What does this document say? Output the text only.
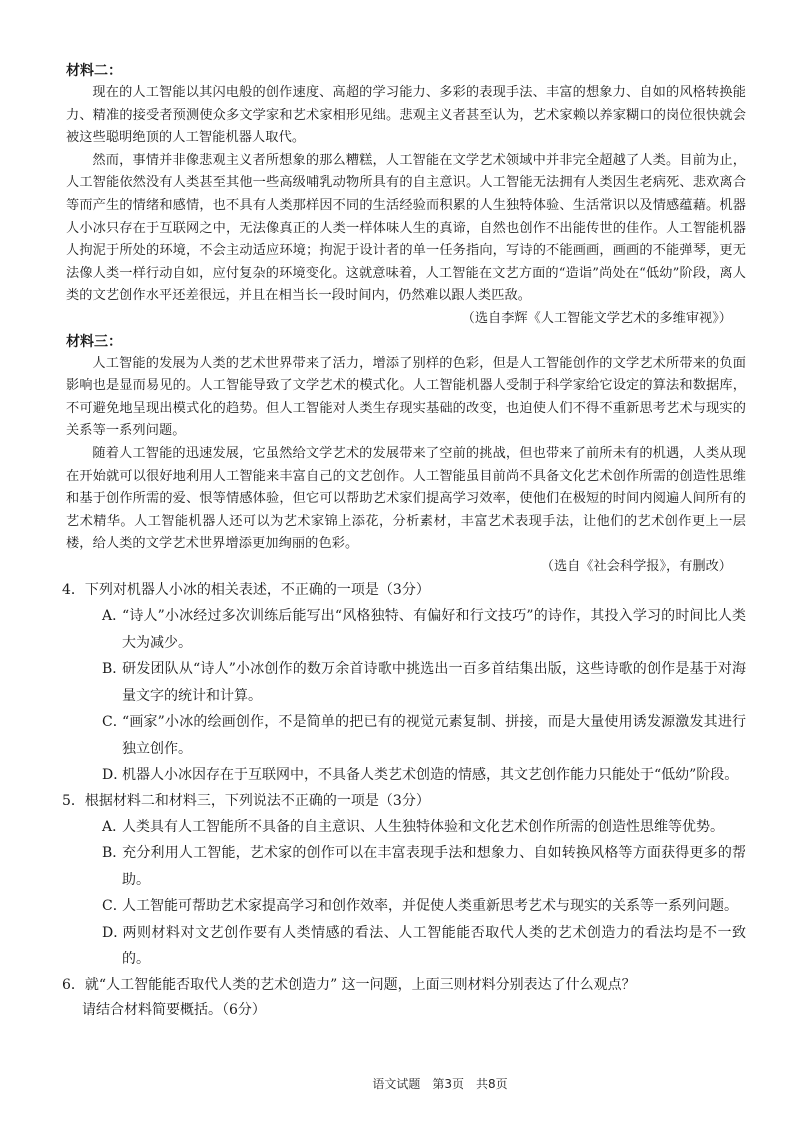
材料二：

现在的人工智能以其闪电般的创作速度、高超的学习能力、多彩的表现手法、丰富的想象力、自如的风格转换能力、精准的接受者预测使众多文学家和艺术家相形见绌。悲观主义者甚至认为，艺术家赖以养家糊口的岗位很快就会被这些聪明绝顶的人工智能机器人取代。

然而，事情并非像悲观主义者所想象的那么糟糕，人工智能在文学艺术领域中并非完全超越了人类。目前为止，人工智能依然没有人类甚至其他一些高级哺乳动物所具有的自主意识。人工智能无法拥有人类因生老病死、悲欢离合等而产生的情绪和感情，也不具有人类那样因不同的生活经验而积累的人生独特体验、生活常识以及情感蕴藉。机器人小冰只存在于互联网之中，无法像真正的人类一样体味人生的真谛，自然也创作不出能传世的佳作。人工智能机器人拘泥于所处的环境，不会主动适应环境；拘泥于设计者的单一任务指向，写诗的不能画画，画画的不能弹琴，更无法像人类一样行动自如，应付复杂的环境变化。这就意味着，人工智能在文艺方面的“造诣”尚处在“低幼”阶段，离人类的文艺创作水平还差很远，并且在相当长一段时间内，仍然难以跟人类匹敌。

（选自李辉《人工智能文学艺术的多维审视》）
材料三：

人工智能的发展为人类的艺术世界带来了活力，增添了别样的色彩，但是人工智能创作的文学艺术所带来的负面影响也是显而易见的。人工智能导致了文学艺术的模式化。人工智能机器人受制于科学家给它设定的算法和数据库，不可避免地呈现出模式化的趋势。但人工智能对人类生存现实基础的改变，也迫使人们不得不重新思考艺术与现实的关系等一系列问题。

随着人工智能的迅速发展，它虽然给文学艺术的发展带来了空前的挑战，但也带来了前所未有的机遇，人类从现在开始就可以很好地利用人工智能来丰富自己的文艺创作。人工智能虽目前尚不具备文化艺术创作所需的创造性思维和基于创作所需的爱、恨等情感体验，但它可以帮助艺术家们提高学习效率，使他们在极短的时间内阅遍人间所有的艺术精华。人工智能机器人还可以为艺术家锦上添花，分析素材，丰富艺术表现手法，让他们的艺术创作更上一层楼，给人类的文学艺术世界增添更加绚丽的色彩。

（选自《社会科学报》，有删改）
4．下列对机器人小冰的相关表述，不正确的一项是（3分）
A．“诗人”小冰经过多次训练后能写出“风格独特、有偏好和行文技巧”的诗作，其投入学习的时间比人类大为减少。
B．研发团队从“诗人”小冰创作的数万余首诗歌中挑选出一百多首结集出版，这些诗歌的创作是基于对海量文字的统计和计算。
C．“画家”小冰的绘画创作，不是简单的把已有的视觉元素复制、拼接，而是大量使用诱发源激发其进行独立创作。
D．机器人小冰因存在于互联网中，不具备人类艺术创造的情感，其文艺创作能力只能处于“低幼”阶段。
5．根据材料二和材料三，下列说法不正确的一项是（3分）
A．人类具有人工智能所不具备的自主意识、人生独特体验和文化艺术创作所需的创造性思维等优势。
B．充分利用人工智能，艺术家的创作可以在丰富表现手法和想象力、自如转换风格等方面获得更多的帮助。
C．人工智能可帮助艺术家提高学习和创作效率，并促使人类重新思考艺术与现实的关系等一系列问题。
D．两则材料对文艺创作要有人类情感的看法、人工智能能否取代人类的艺术创造力的看法均是不一致的。
6．就“人工智能能否取代人类的艺术创造力” 这一问题，上面三则材料分别表达了什么观点？
请结合材料简要概括。（6分）
语文试题　第3页　共8页
